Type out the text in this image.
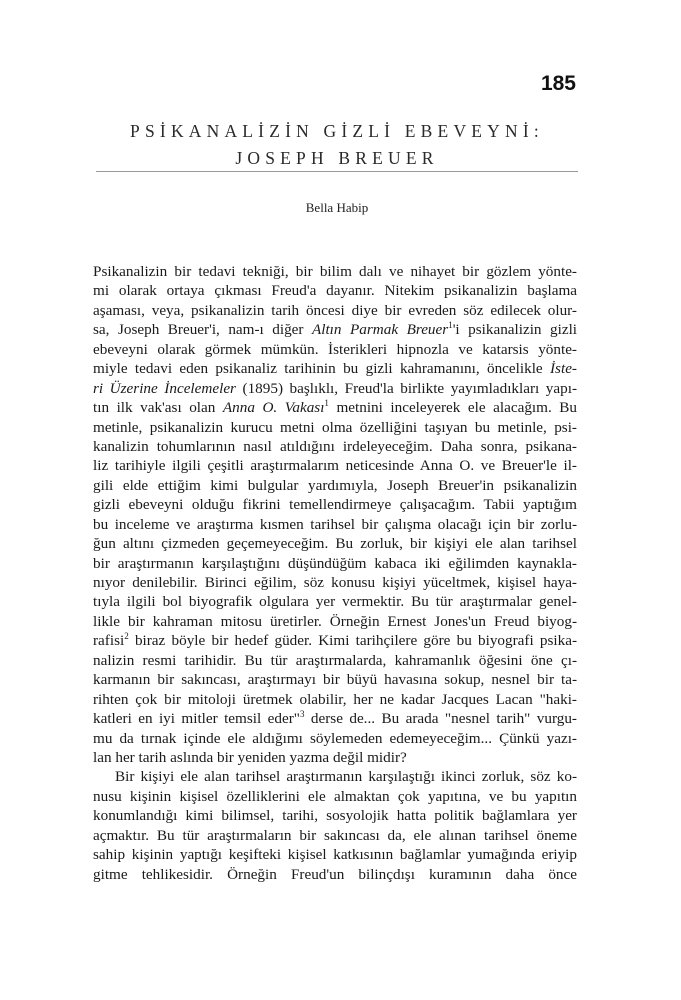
185
PSİKANALİZİN GİZLİ EBEVEYNİ:
JOSEPH BREUER
Bella Habip
Psikanalizin bir tedavi tekniği, bir bilim dalı ve nihayet bir gözlem yönte-
mi olarak ortaya çıkması Freud'a dayanır. Nitekim psikanalizin başlama
aşaması, veya, psikanalizin tarih öncesi diye bir evreden söz edilecek olur-
sa, Joseph Breuer'i, nam-ı diğer Altın Parmak Breuer$^1$'i psikanalizin gizli
ebeveyni olarak görmek mümkün. İsterikleri hipnozla ve katarsis yönte-
miyle tedavi eden psikanaliz tarihinin bu gizli kahramanını, öncelikle İste-
ri Üzerine İncelemeler (1895) başlıklı, Freud'la birlikte yayımladıkları yapı-
tın ilk vak'ası olan Anna O. Vakası$^1$ metnini inceleyerek ele alacağım. Bu
metinle, psikanalizin kurucu metni olma özelliğini taşıyan bu metinle, psi-
kanalizin tohumlarının nasıl atıldığını irdeleyeceğim. Daha sonra, psikana-
liz tarihiyle ilgili çeşitli araştırmalarım neticesinde Anna O. ve Breuer'le il-
gili elde ettiğim kimi bulgular yardımıyla, Joseph Breuer'in psikanalizin
gizli ebeveyni olduğu fikrini temellendirmeye çalışacağım. Tabii yaptığım
bu inceleme ve araştırma kısmen tarihsel bir çalışma olacağı için bir zorlu-
ğun altını çizmeden geçemeyeceğim. Bu zorluk, bir kişiyi ele alan tarihsel
bir araştırmanın karşılaştığını düşündüğüm kabaca iki eğilimden kaynakla-
nıyor denilebilir. Birinci eğilim, söz konusu kişiyi yüceltmek, kişisel haya-
tıyla ilgili bol biyografik olgulara yer vermektir. Bu tür araştırmalar genel-
likle bir kahraman mitosu üretirler. Örneğin Ernest Jones'un Freud biyog-
rafisi$^2$ biraz böyle bir hedef güder. Kimi tarihçilere göre bu biyografi psika-
nalizin resmi tarihidir. Bu tür araştırmalarda, kahramanlık öğesini öne çı-
karmanın bir sakıncası, araştırmayı bir büyü havasına sokup, nesnel bir ta-
rihten çok bir mitoloji üretmek olabilir, her ne kadar Jacques Lacan "haki-
katleri en iyi mitler temsil eder"$^3$ derse de... Bu arada "nesnel tarih" vurgu-
mu da tırnak içinde ele aldığımı söylemeden edemeyeceğim... Çünkü yazı-
lan her tarih aslında bir yeniden yazma değil midir?
Bir kişiyi ele alan tarihsel araştırmanın karşılaştığı ikinci zorluk, söz ko-
nusu kişinin kişisel özelliklerini ele almaktan çok yapıtına, ve bu yapıtın
konumlandığı kimi bilimsel, tarihi, sosyolojik hatta politik bağlamlara yer
açmaktır. Bu tür araştırmaların bir sakıncası da, ele alınan tarihsel öneme
sahip kişinin yaptığı keşifteki kişisel katkısının bağlamlar yumağında eriyip
gitme tehlikesidir. Örneğin Freud'un bilinçdışı kuramının daha önce
